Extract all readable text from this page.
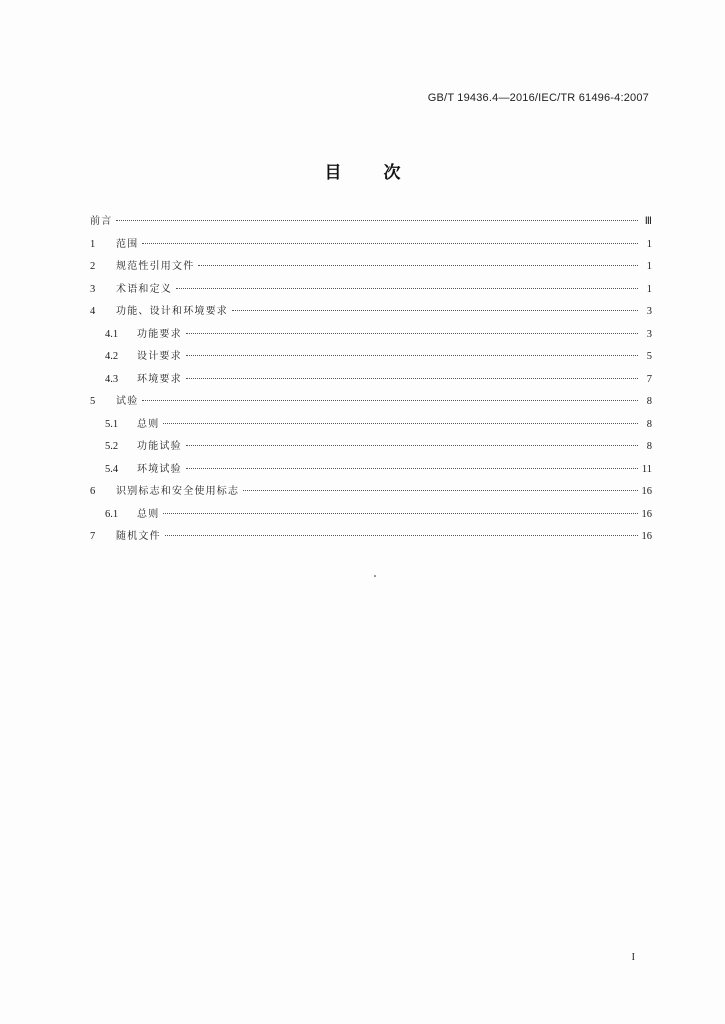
GB/T 19436.4—2016/IEC/TR 61496-4:2007
目 次
前言	Ⅲ
1	范围	1
2	规范性引用文件	1
3	术语和定义	1
4	功能、设计和环境要求	3
4.1	功能要求	3
4.2	设计要求	5
4.3	环境要求	7
5	试验	8
5.1	总则	8
5.2	功能试验	8
5.4	环境试验	11
6	识别标志和安全使用标志	16
6.1	总则	16
7	随机文件	16
I
